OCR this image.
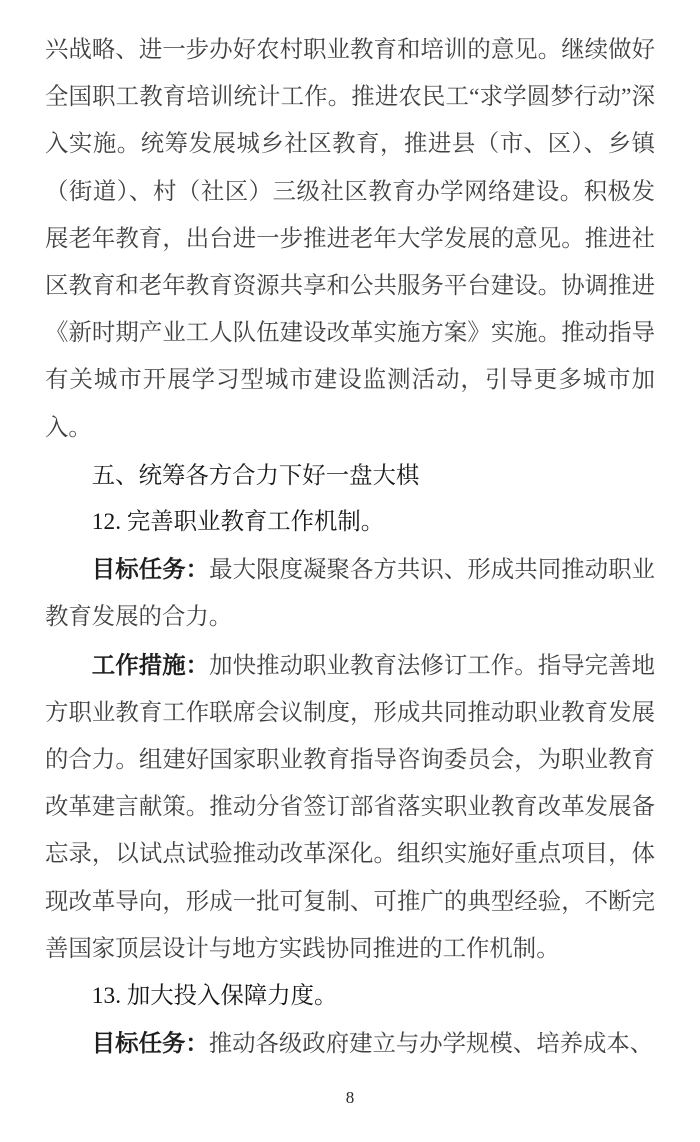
兴战略、进一步办好农村职业教育和培训的意见。继续做好全国职工教育培训统计工作。推进农民工“求学圆梦行动”深入实施。统筹发展城乡社区教育，推进县（市、区）、乡镇（街道）、村（社区）三级社区教育办学网络建设。积极发展老年教育，出台进一步推进老年大学发展的意见。推进社区教育和老年教育资源共享和公共服务平台建设。协调推进《新时期产业工人队伍建设改革实施方案》实施。推动指导有关城市开展学习型城市建设监测活动，引导更多城市加入。

五、统筹各方合力下好一盘大棋
12. 完善职业教育工作机制。

目标任务：最大限度凝聚各方共识、形成共同推动职业教育发展的合力。

工作措施：加快推动职业教育法修订工作。指导完善地方职业教育工作联席会议制度，形成共同推动职业教育发展的合力。组建好国家职业教育指导咨询委员会，为职业教育改革建言献策。推动分省签订部省落实职业教育改革发展备忘录，以试点试验推动改革深化。组织实施好重点项目，体现改革导向，形成一批可复制、可推广的典型经验，不断完善国家顶层设计与地方实践协同推进的工作机制。

13. 加大投入保障力度。

目标任务：推动各级政府建立与办学规模、培养成本、

8
